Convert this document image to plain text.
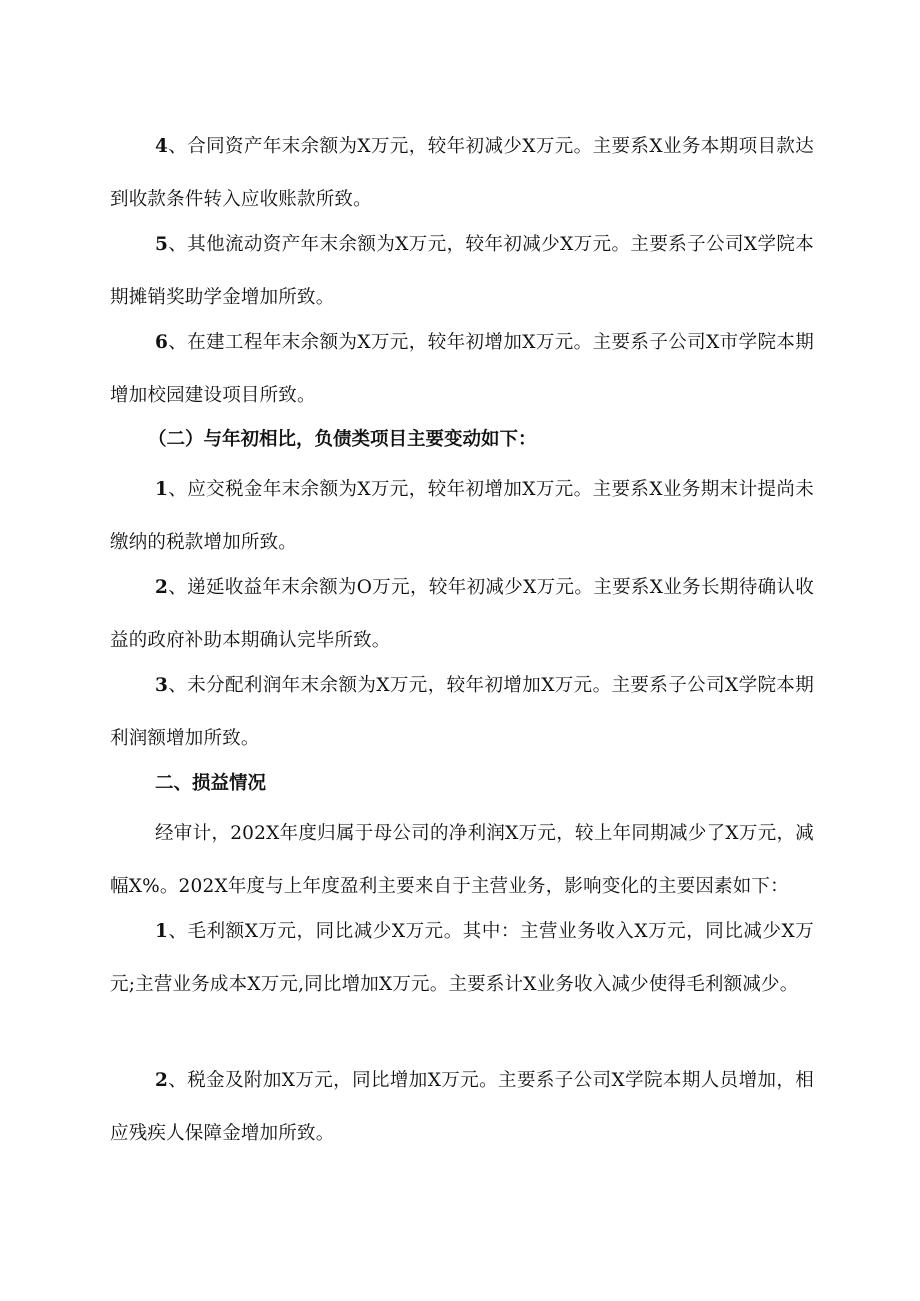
4、合同资产年末余额为X万元，较年初减少X万元。主要系X业务本期项目款达到收款条件转入应收账款所致。

5、其他流动资产年末余额为X万元，较年初减少X万元。主要系子公司X学院本期摊销奖助学金增加所致。

6、在建工程年末余额为X万元，较年初增加X万元。主要系子公司X市学院本期增加校园建设项目所致。

（二）与年初相比，负债类项目主要变动如下：

1、应交税金年末余额为X万元，较年初增加X万元。主要系X业务期末计提尚未缴纳的税款增加所致。

2、递延收益年末余额为O万元，较年初减少X万元。主要系X业务长期待确认收益的政府补助本期确认完毕所致。

3、未分配利润年末余额为X万元，较年初增加X万元。主要系子公司X学院本期利润额增加所致。

二、损益情况

经审计，202X年度归属于母公司的净利润X万元，较上年同期减少了X万元，减幅X%。202X年度与上年度盈利主要来自于主营业务，影响变化的主要因素如下：

1、毛利额X万元，同比减少X万元。其中：主营业务收入X万元，同比减少X万元;主营业务成本X万元,同比增加X万元。主要系计X业务收入减少使得毛利额减少。

2、税金及附加X万元，同比增加X万元。主要系子公司X学院本期人员增加，相应残疾人保障金增加所致。
